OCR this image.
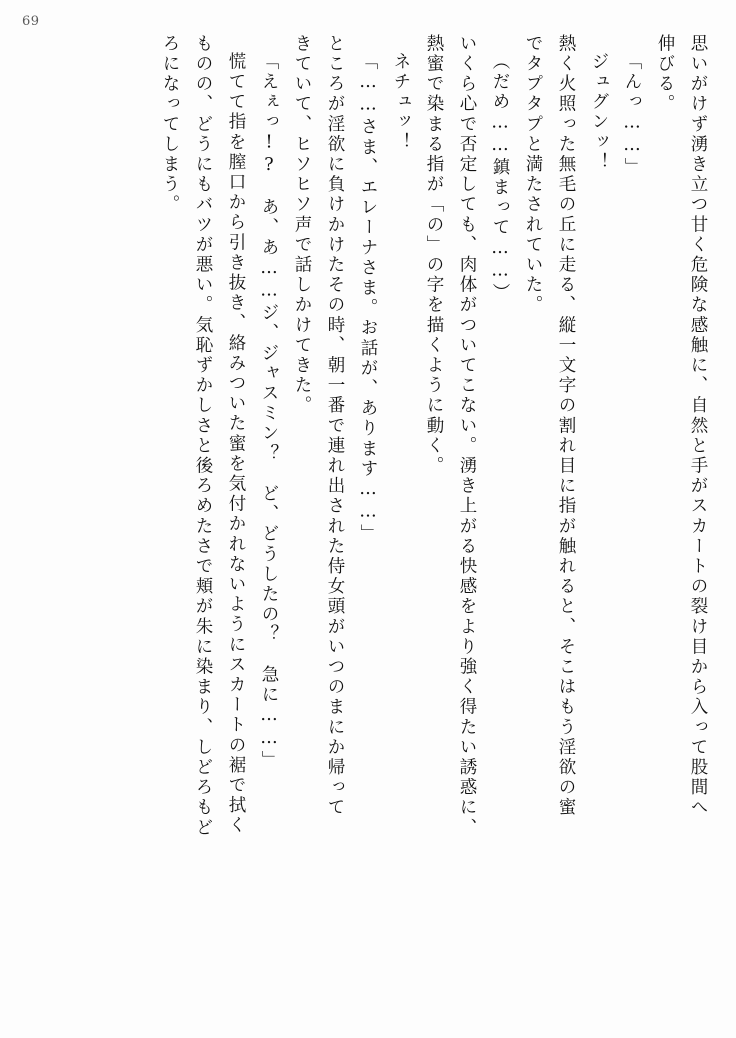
69
思いがけず湧き立つ甘く危険な感触に、自然と手がスカートの裂け目から入って股間へ
伸びる。
「んっ……」
ジュグンッ！
熱く火照った無毛の丘に走る、縦一文字の割れ目に指が触れると、そこはもう淫欲の蜜
でタプタプと満たされていた。
（だめ……鎮まって……）
いくら心で否定しても、肉体がついてこない。湧き上がる快感をより強く得たい誘惑に、
熱蜜で染まる指が「の」の字を描くように動く。
ネチュッ！
「……さま、エレーナさま。お話が、あります……」
ところが淫欲に負けかけたその時、朝一番で連れ出された侍女頭がいつのまにか帰って
きていて、ヒソヒソ声で話しかけてきた。
「えぇっ!?　あ、あ……ジ、ジャスミン？　ど、どうしたの？　急に……」
慌てて指を膣口から引き抜き、絡みついた蜜を気付かれないようにスカートの裾で拭く
ものの、どうにもバツが悪い。気恥ずかしさと後ろめたさで頬が朱に染まり、しどろもど
ろになってしまう。
